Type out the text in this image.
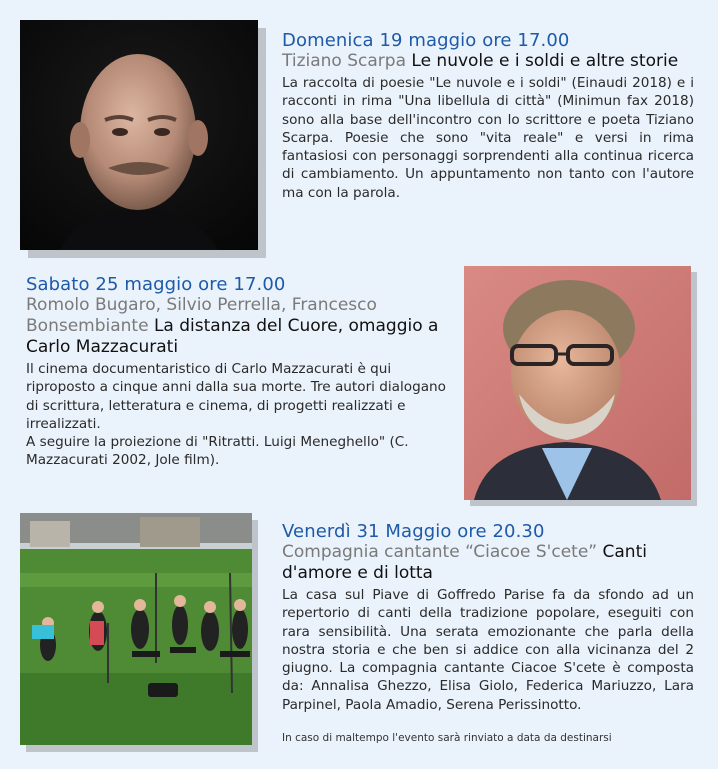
Domenica 19 maggio ore 17.00
Tiziano Scarpa Le nuvole e i soldi e altre storie
La raccolta di poesie "Le nuvole e i soldi" (Einaudi 2018) e i racconti in rima "Una libellula di città" (Minimun fax 2018) sono alla base dell'incontro con lo scrittore e poeta Tiziano Scarpa. Poesie che sono "vita reale" e versi in rima fantasiosi con personaggi sorprendenti alla continua ricerca di cambiamento. Un appuntamento non tanto con l'autore ma con la parola.
Sabato 25 maggio ore 17.00
Romolo Bugaro, Silvio Perrella, Francesco Bonsembiante La distanza del Cuore, omaggio a Carlo Mazzacurati
Il cinema documentaristico di Carlo Mazzacurati è qui riproposto a cinque anni dalla sua morte. Tre autori dialogano di scrittura, letteratura e cinema, di progetti realizzati e irrealizzati.
A seguire la proiezione di "Ritratti. Luigi Meneghello" (C. Mazzacurati 2002, Jole film).
Venerdì 31 Maggio ore 20.30
Compagnia cantante “Ciacoe S'cete” Canti d'amore e di lotta
La casa sul Piave di Goffredo Parise fa da sfondo ad un repertorio di canti della tradizione popolare, eseguiti con rara sensibilità. Una serata emozionante che parla della nostra storia e che ben si addice con alla vicinanza del 2 giugno. La compagnia cantante Ciacoe S'cete è composta da: Annalisa Ghezzo, Elisa Giolo, Federica Mariuzzo, Lara Parpinel, Paola Amadio, Serena Perissinotto.
In caso di maltempo l'evento sarà rinviato a data da destinarsi
